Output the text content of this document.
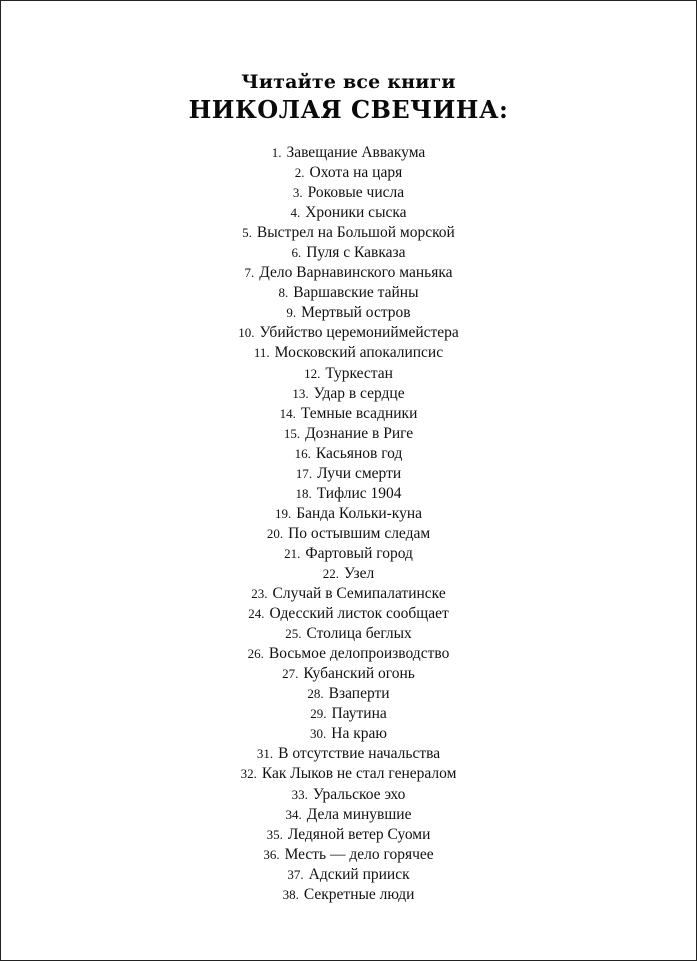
Читайте все книги
НИКОЛАЯ СВЕЧИНА:
1. Завещание Аввакума
2. Охота на царя
3. Роковые числа
4. Хроники сыска
5. Выстрел на Большой морской
6. Пуля с Кавказа
7. Дело Варнавинского маньяка
8. Варшавские тайны
9. Мертвый остров
10. Убийство церемониймейстера
11. Московский апокалипсис
12. Туркестан
13. Удар в сердце
14. Темные всадники
15. Дознание в Риге
16. Касьянов год
17. Лучи смерти
18. Тифлис 1904
19. Банда Кольки-куна
20. По остывшим следам
21. Фартовый город
22. Узел
23. Случай в Семипалатинске
24. Одесский листок сообщает
25. Столица беглых
26. Восьмое делопроизводство
27. Кубанский огонь
28. Взаперти
29. Паутина
30. На краю
31. В отсутствие начальства
32. Как Лыков не стал генералом
33. Уральское эхо
34. Дела минувшие
35. Ледяной ветер Суоми
36. Месть — дело горячее
37. Адский прииск
38. Секретные люди
